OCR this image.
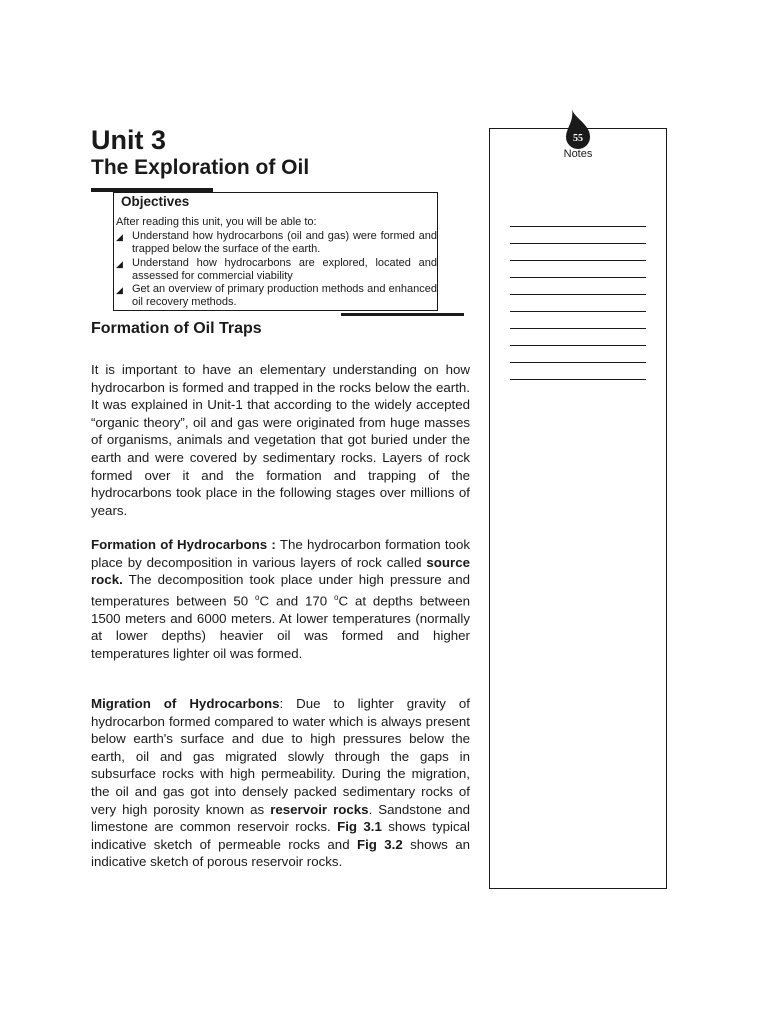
Unit 3
The Exploration of Oil
Objectives
After reading this unit, you will be able to:
◢ Understand how hydrocarbons (oil and gas) were formed and trapped below the surface of the earth.
◢ Understand how hydrocarbons are explored, located and assessed for commercial viability
◢ Get an overview of primary production methods and enhanced oil recovery methods.
Formation of Oil Traps

It is important to have an elementary understanding on how hydrocarbon is formed and trapped in the rocks below the earth. It was explained in Unit-1 that according to the widely accepted “organic theory”, oil and gas were originated from huge masses of organisms, animals and vegetation that got buried under the earth and were covered by sedimentary rocks. Layers of rock formed over it and the formation and trapping of the hydrocarbons took place in the following stages over millions of years.

Formation of Hydrocarbons : The hydrocarbon formation took place by decomposition in various layers of rock called source rock. The decomposition took place under high pressure and temperatures between 50 $^o$C and 170 $^o$C at depths between 1500 meters and 6000 meters. At lower temperatures (normally at lower depths) heavier oil was formed and higher temperatures lighter oil was formed.

Migration of Hydrocarbons: Due to lighter gravity of hydrocarbon formed compared to water which is always present below earth's surface and due to high pressures below the earth, oil and gas migrated slowly through the gaps in subsurface rocks with high permeability. During the migration, the oil and gas got into densely packed sedimentary rocks of very high porosity known as reservoir rocks. Sandstone and limestone are common reservoir rocks. Fig 3.1 shows typical indicative sketch of permeable rocks and Fig 3.2 shows an indicative sketch of porous reservoir rocks.

55
Notes
